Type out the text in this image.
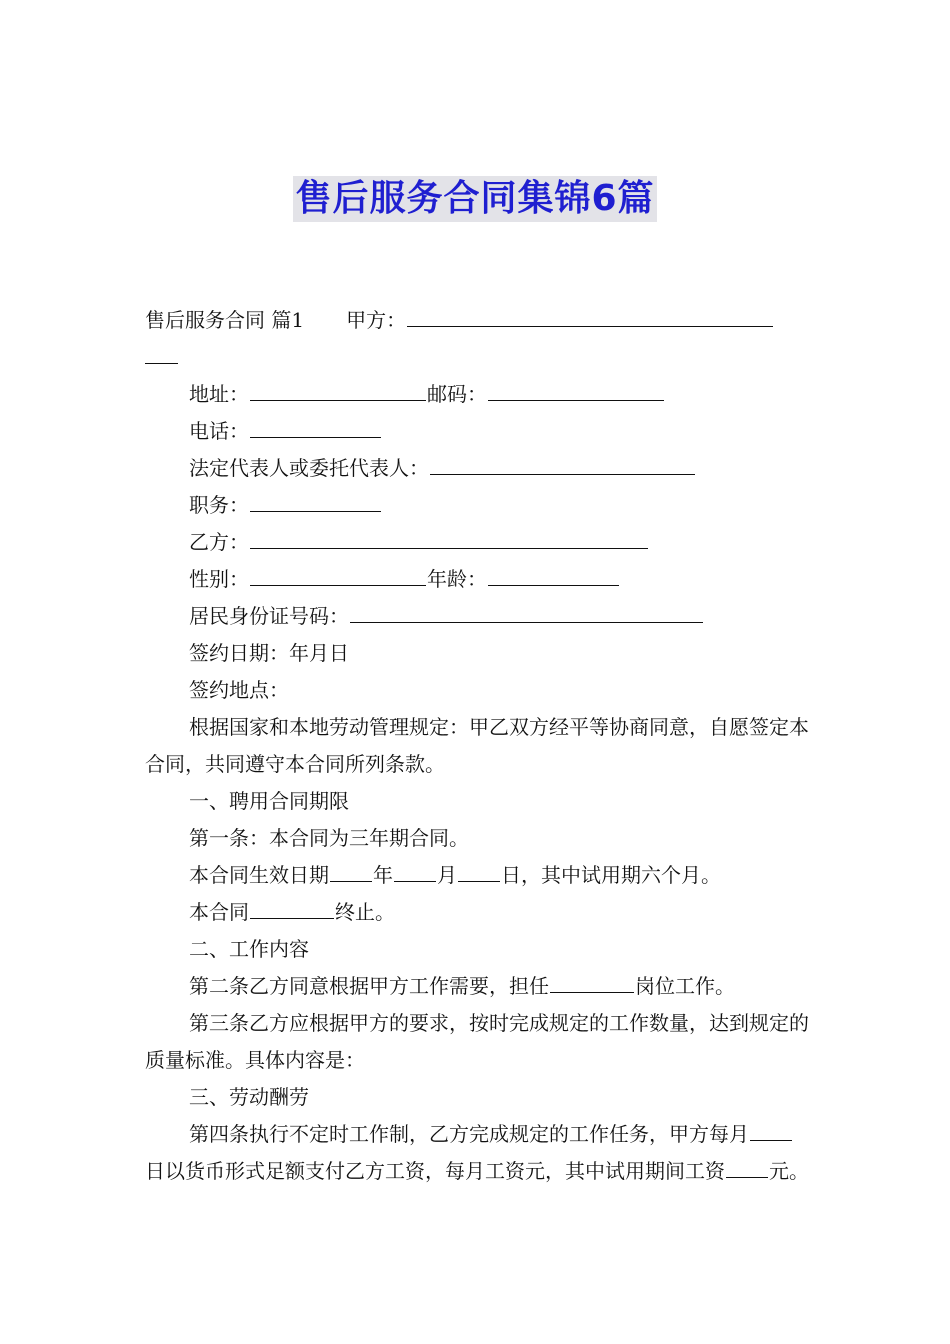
售后服务合同集锦6篇

售后服务合同 篇1 甲方：

地址：	邮码：

电话：

法定代表人或委托代表人：

职务：

乙方：

性别：	年龄：

居民身份证号码：

签约日期：年月日

签约地点：

根据国家和本地劳动管理规定：甲乙双方经平等协商同意，自愿签定本合同，共同遵守本合同所列条款。

一、聘用合同期限

第一条：本合同为三年期合同。

本合同生效日期 年 月 日，其中试用期六个月。

本合同	终止。

二、工作内容

第二条乙方同意根据甲方工作需要，担任	岗位工作。

第三条乙方应根据甲方的要求，按时完成规定的工作数量，达到规定的质量标准。具体内容是：

三、劳动酬劳

第四条执行不定时工作制，乙方完成规定的工作任务，甲方每月日以货币形式足额支付乙方工资，每月工资元，其中试用期间工资 元。
